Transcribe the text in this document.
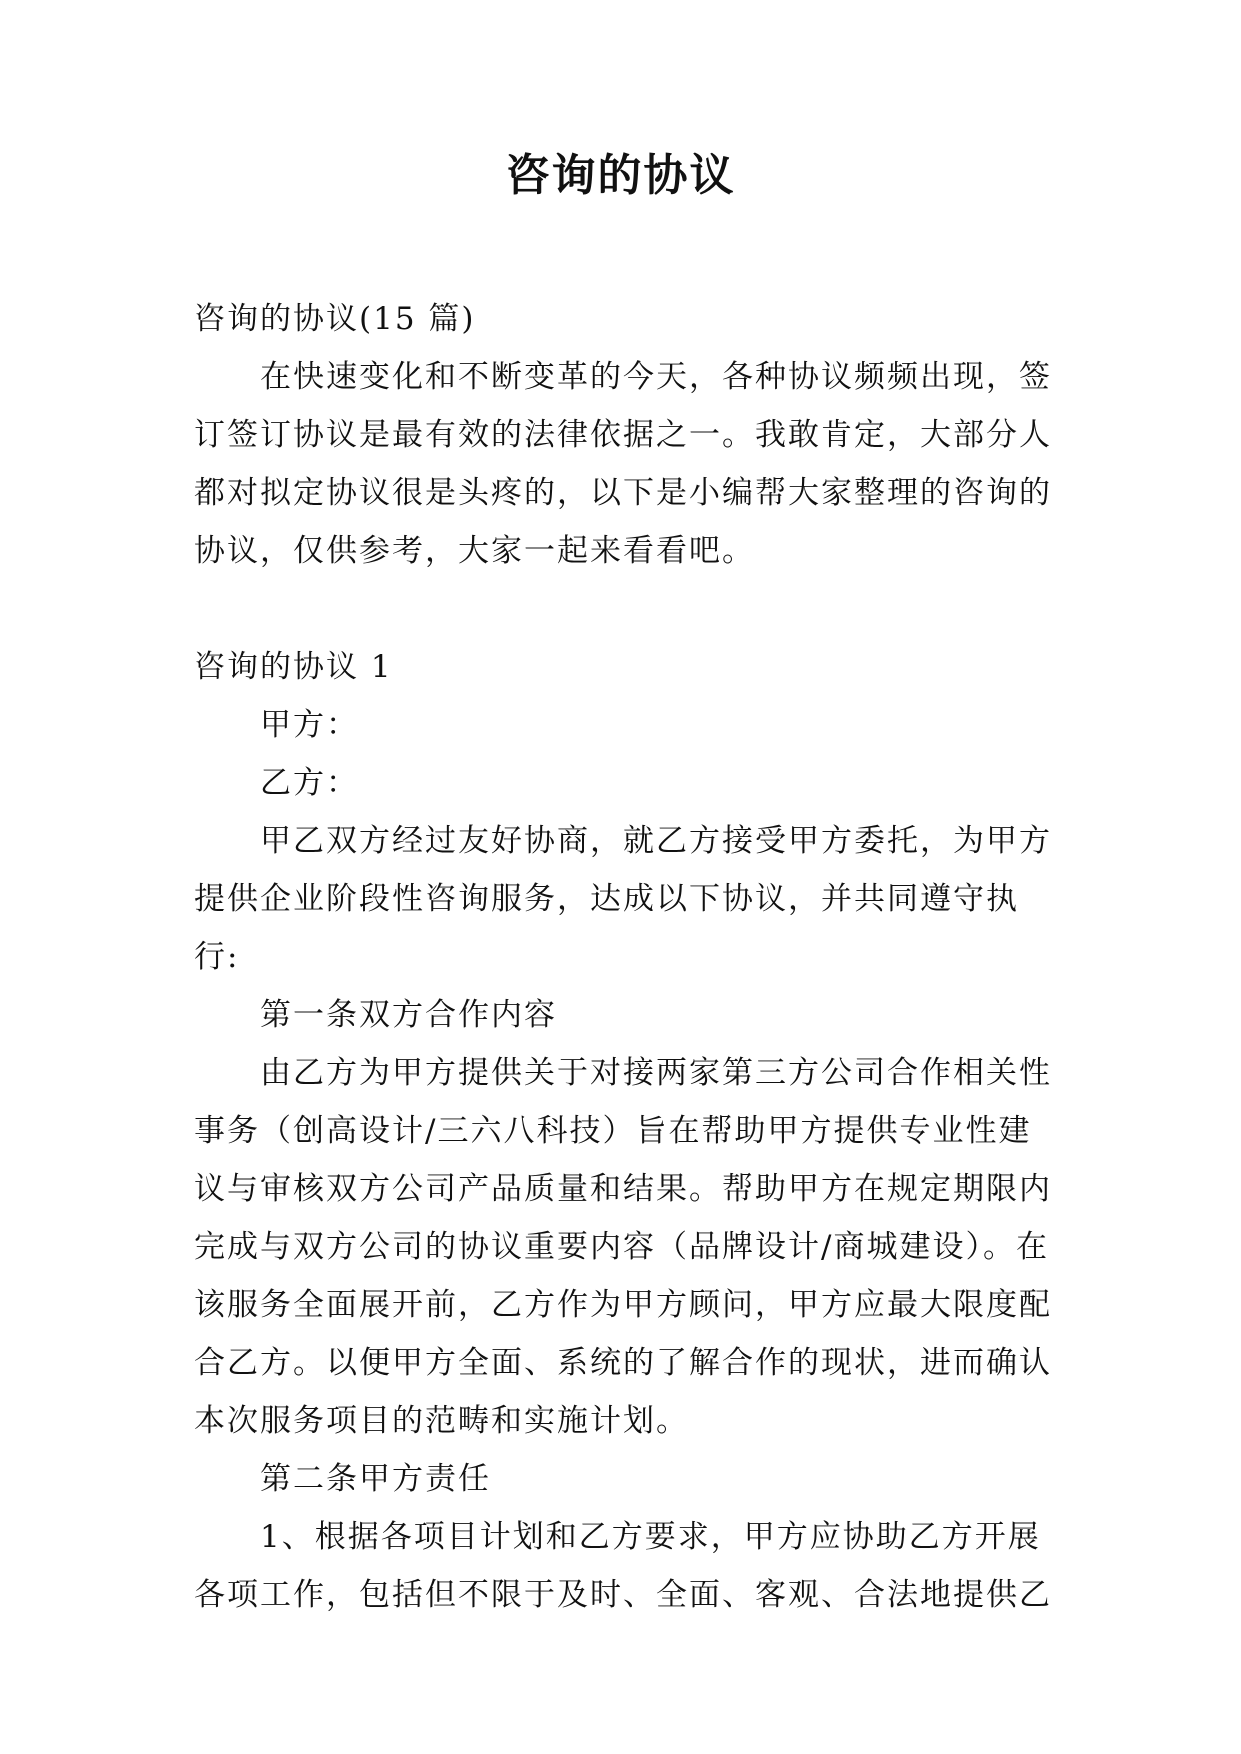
咨询的协议

咨询的协议(15 篇)

在快速变化和不断变革的今天，各种协议频频出现，签订签订协议是最有效的法律依据之一。我敢肯定，大部分人都对拟定协议很是头疼的，以下是小编帮大家整理的咨询的协议，仅供参考，大家一起来看看吧。

咨询的协议 1

甲方：

乙方：

甲乙双方经过友好协商，就乙方接受甲方委托，为甲方提供企业阶段性咨询服务，达成以下协议，并共同遵守执行:

第一条双方合作内容

由乙方为甲方提供关于对接两家第三方公司合作相关性事务（创高设计/三六八科技）旨在帮助甲方提供专业性建议与审核双方公司产品质量和结果。帮助甲方在规定期限内完成与双方公司的协议重要内容（品牌设计/商城建设）。在该服务全面展开前，乙方作为甲方顾问，甲方应最大限度配合乙方。以便甲方全面、系统的了解合作的现状，进而确认本次服务项目的范畴和实施计划。

第二条甲方责任

1、根据各项目计划和乙方要求，甲方应协助乙方开展各项工作，包括但不限于及时、全面、客观、合法地提供乙
